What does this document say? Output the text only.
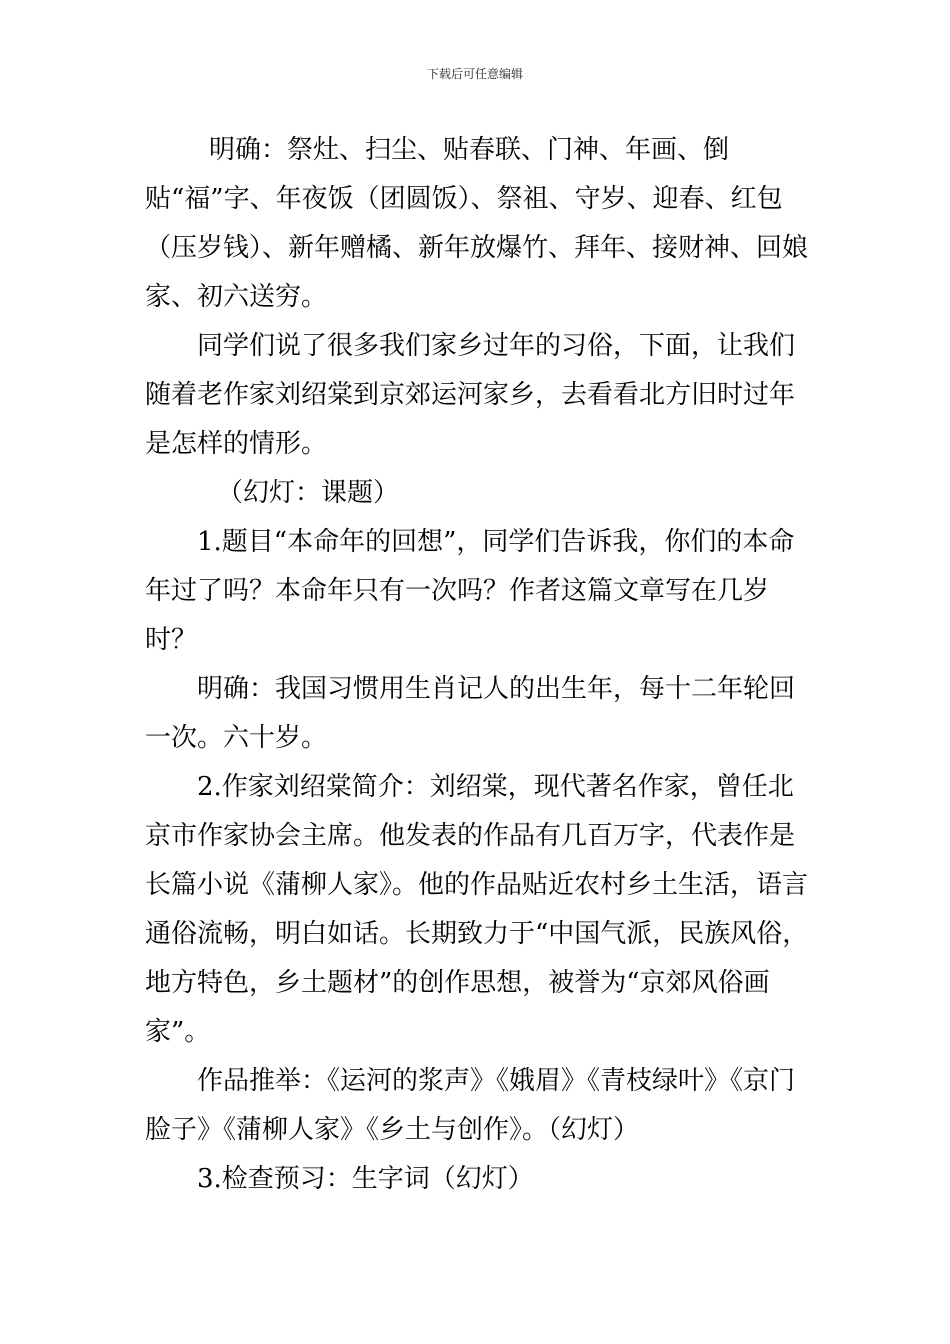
下载后可任意编辑

明确：祭灶、扫尘、贴春联、门神、年画、倒贴“福”字、年夜饭（团圆饭）、祭祖、守岁、迎春、红包（压岁钱）、新年赠橘、新年放爆竹、拜年、接财神、回娘家、初六送穷。

同学们说了很多我们家乡过年的习俗，下面，让我们随着老作家刘绍棠到京郊运河家乡，去看看北方旧时过年是怎样的情形。

（幻灯：课题）

1.题目“本命年的回想”，同学们告诉我，你们的本命年过了吗？本命年只有一次吗？作者这篇文章写在几岁时？

明确：我国习惯用生肖记人的出生年，每十二年轮回一次。六十岁。

2.作家刘绍棠简介：刘绍棠，现代著名作家，曾任北京市作家协会主席。他发表的作品有几百万字，代表作是长篇小说《蒲柳人家》。他的作品贴近农村乡土生活，语言通俗流畅，明白如话。长期致力于“中国气派，民族风俗，地方特色，乡土题材”的创作思想，被誉为“京郊风俗画家”。

作品推举：《运河的浆声》《娥眉》《青枝绿叶》《京门脸子》《蒲柳人家》《乡土与创作》。（幻灯）

3.检查预习：生字词（幻灯）
